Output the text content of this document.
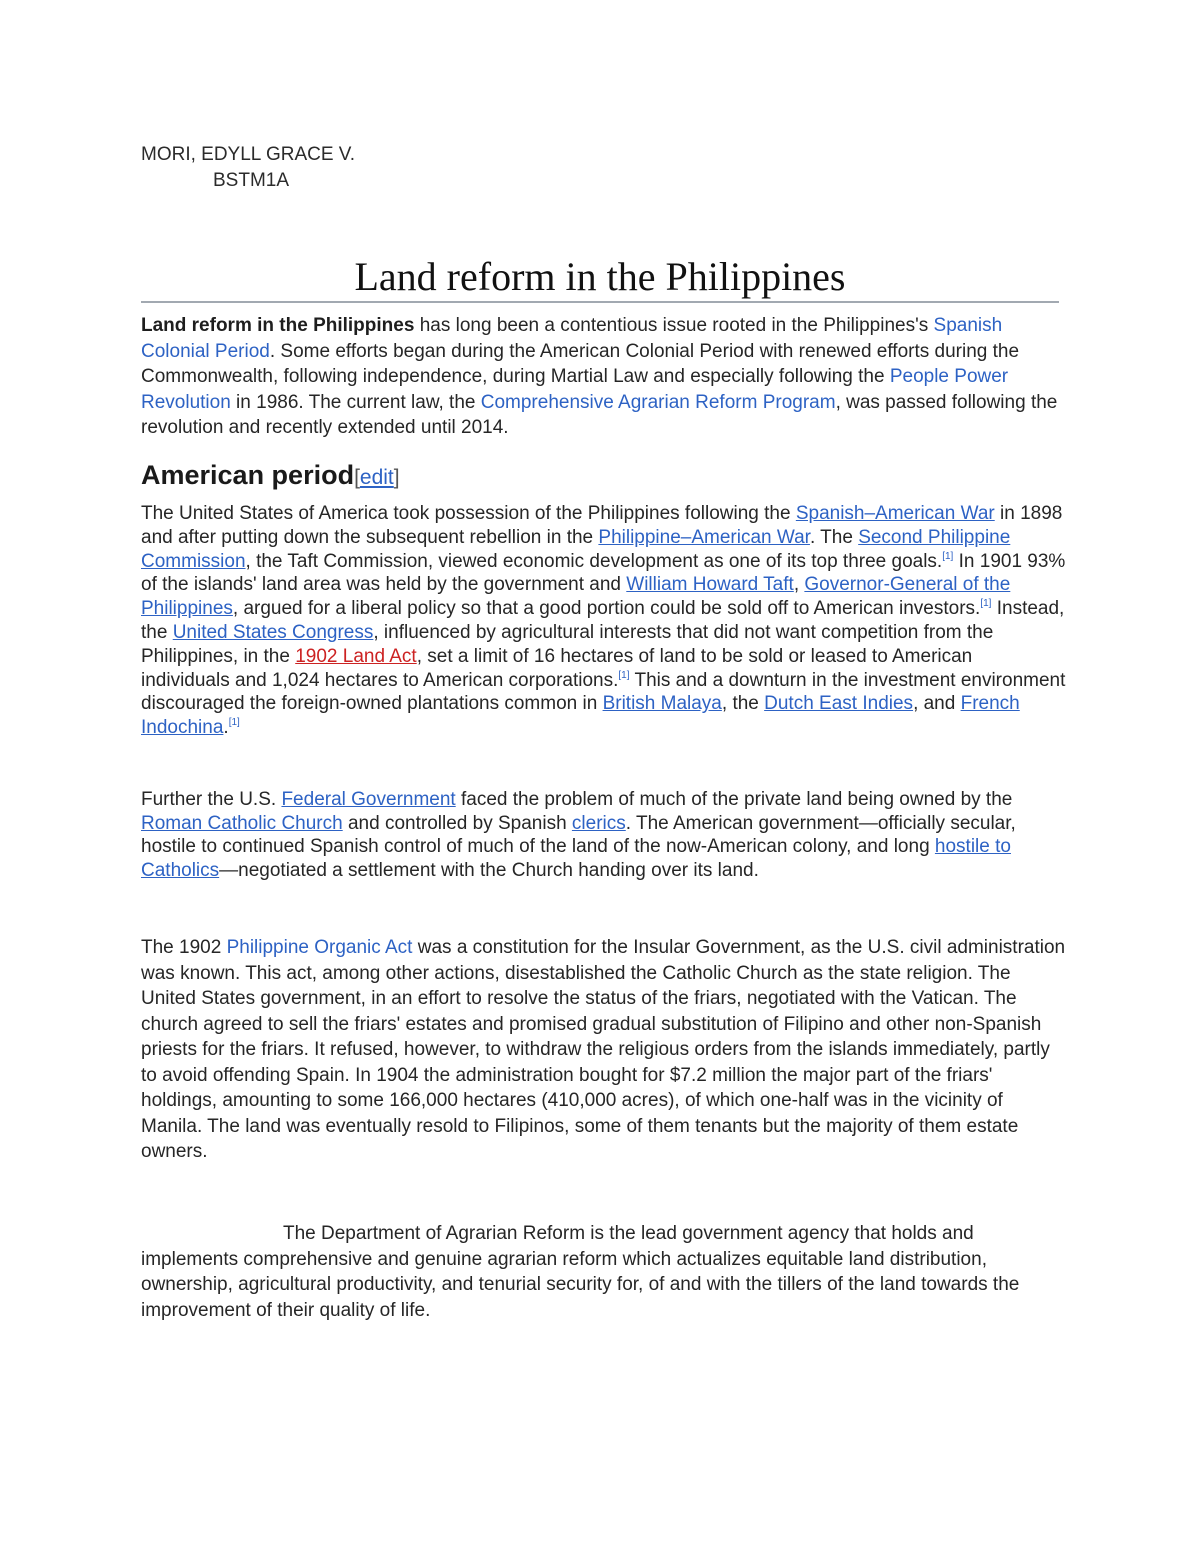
MORI, EDYLL GRACE V.
BSTM1A
Land reform in the Philippines

Land reform in the Philippines has long been a contentious issue rooted in the Philippines's Spanish Colonial Period. Some efforts began during the American Colonial Period with renewed efforts during the Commonwealth, following independence, during Martial Law and especially following the People Power Revolution in 1986. The current law, the Comprehensive Agrarian Reform Program, was passed following the revolution and recently extended until 2014.

American period[edit]

The United States of America took possession of the Philippines following the Spanish–American War in 1898 and after putting down the subsequent rebellion in the Philippine–American War. The Second Philippine Commission, the Taft Commission, viewed economic development as one of its top three goals.[1] In 1901 93% of the islands' land area was held by the government and William Howard Taft, Governor-General of the Philippines, argued for a liberal policy so that a good portion could be sold off to American investors.[1] Instead, the United States Congress, influenced by agricultural interests that did not want competition from the Philippines, in the 1902 Land Act, set a limit of 16 hectares of land to be sold or leased to American individuals and 1,024 hectares to American corporations.[1] This and a downturn in the investment environment discouraged the foreign-owned plantations common in British Malaya, the Dutch East Indies, and French Indochina.[1]

Further the U.S. Federal Government faced the problem of much of the private land being owned by the Roman Catholic Church and controlled by Spanish clerics. The American government—officially secular, hostile to continued Spanish control of much of the land of the now-American colony, and long hostile to Catholics—negotiated a settlement with the Church handing over its land.

The 1902 Philippine Organic Act was a constitution for the Insular Government, as the U.S. civil administration was known. This act, among other actions, disestablished the Catholic Church as the state religion. The United States government, in an effort to resolve the status of the friars, negotiated with the Vatican. The church agreed to sell the friars' estates and promised gradual substitution of Filipino and other non-Spanish priests for the friars. It refused, however, to withdraw the religious orders from the islands immediately, partly to avoid offending Spain. In 1904 the administration bought for $7.2 million the major part of the friars' holdings, amounting to some 166,000 hectares (410,000 acres), of which one-half was in the vicinity of Manila. The land was eventually resold to Filipinos, some of them tenants but the majority of them estate owners.

The Department of Agrarian Reform is the lead government agency that holds and implements comprehensive and genuine agrarian reform which actualizes equitable land distribution, ownership, agricultural productivity, and tenurial security for, of and with the tillers of the land towards the improvement of their quality of life.
